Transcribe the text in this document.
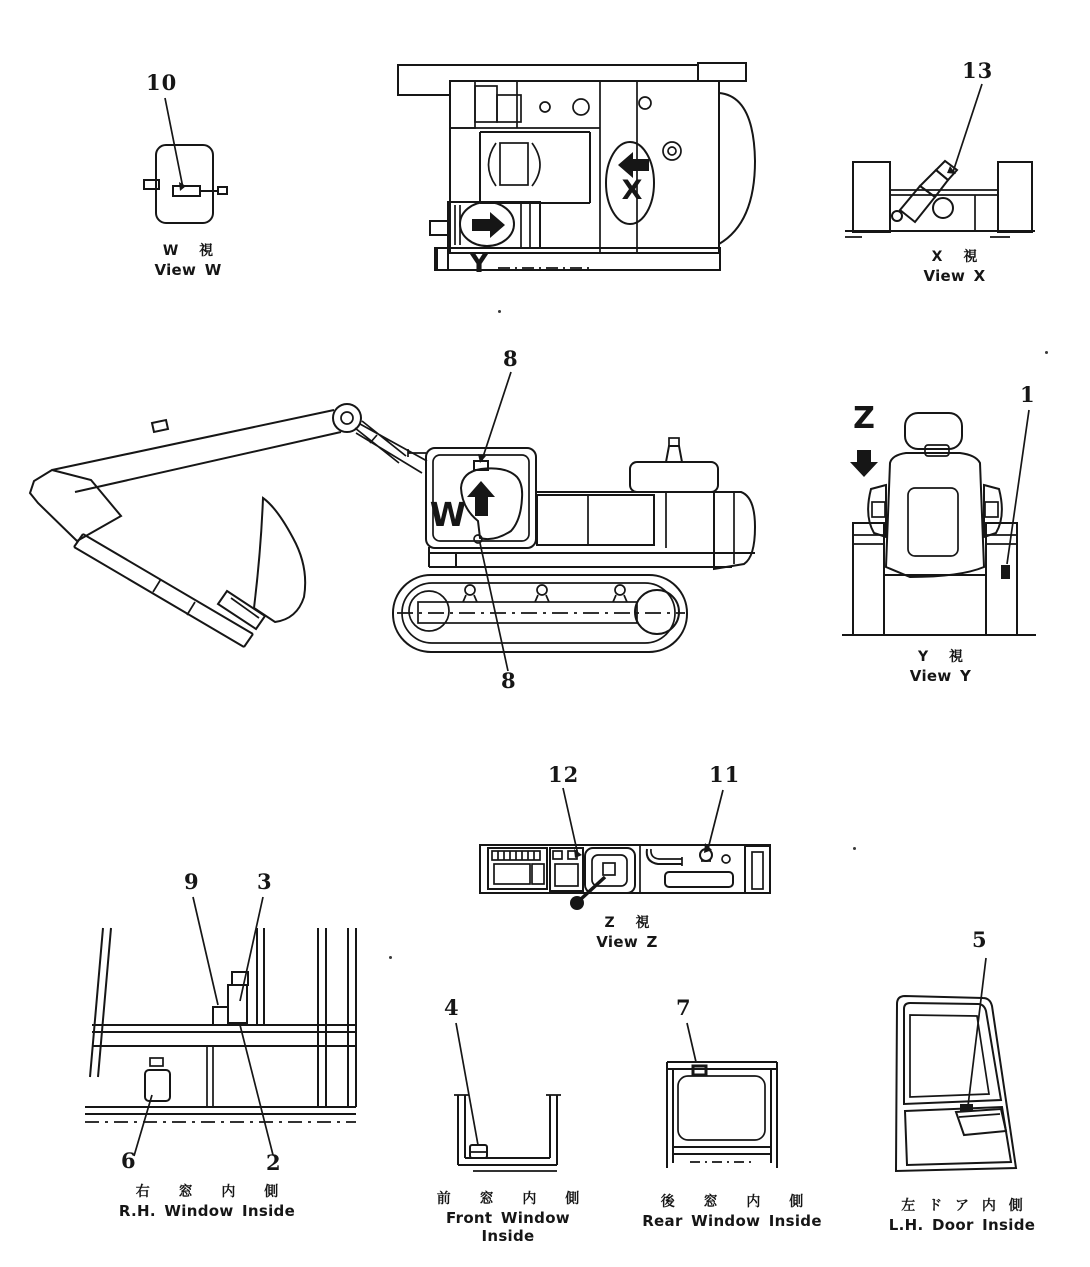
10
W 視
View W
X
Y
13
X 視
View X
8
8
W
Z
1
Y 視
View Y
12	11
Z 視
View Z
9	3
6	2
右 窓 内 側
R.H. Window Inside
4
前 窓 内 側
Front Window Inside
7
後 窓 内 側
Rear Window Inside
5
左 ド ア 内 側
L.H. Door Inside
